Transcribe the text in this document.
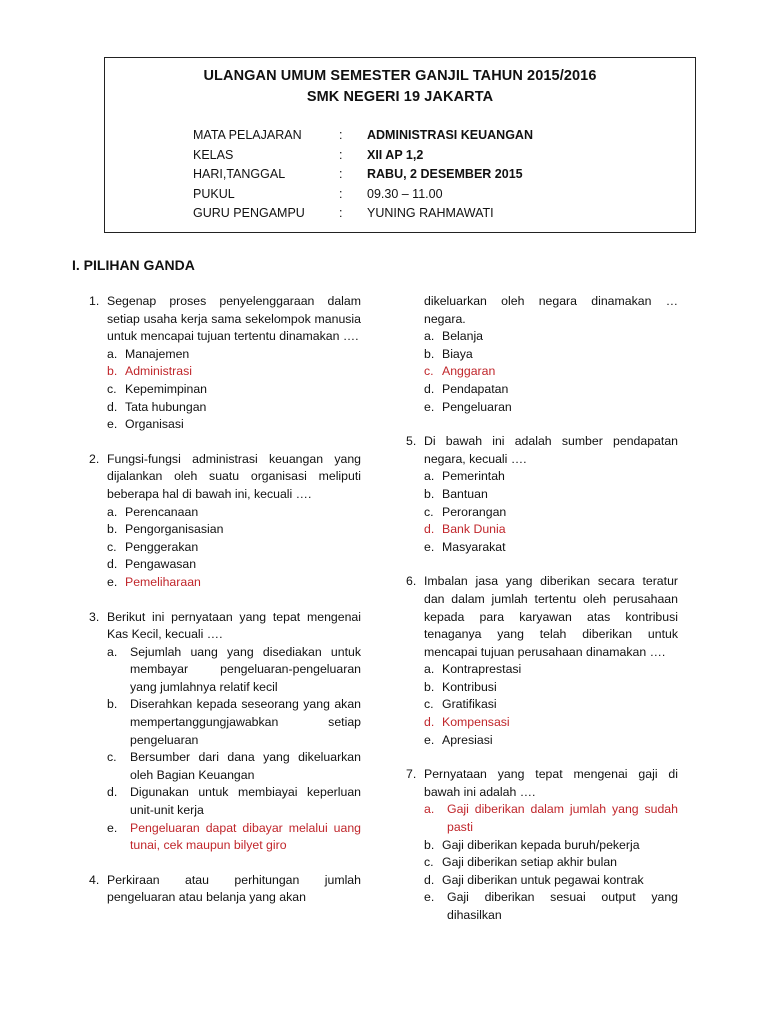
ULANGAN UMUM SEMESTER GANJIL TAHUN 2015/2016
SMK NEGERI 19 JAKARTA
MATA PELAJARAN	: ADMINISTRASI KEUANGAN
KELAS	: XII AP 1,2
HARI,TANGGAL	: RABU, 2 DESEMBER 2015
PUKUL	: 09.30 – 11.00
GURU PENGAMPU	: YUNING RAHMAWATI
I. PILIHAN GANDA
1. Segenap proses penyelenggaraan dalam setiap usaha kerja sama sekelompok manusia untuk mencapai tujuan tertentu dinamakan ….
a. Manajemen
b. Administrasi
c. Kepemimpinan
d. Tata hubungan
e. Organisasi
2. Fungsi-fungsi administrasi keuangan yang dijalankan oleh suatu organisasi meliputi beberapa hal di bawah ini, kecuali ….
a. Perencanaan
b. Pengorganisasian
c. Penggerakan
d. Pengawasan
e. Pemeliharaan
3. Berikut ini pernyataan yang tepat mengenai Kas Kecil, kecuali ….
a. Sejumlah uang yang disediakan untuk membayar pengeluaran-pengeluaran yang jumlahnya relatif kecil
b. Diserahkan kepada seseorang yang akan mempertanggungjawabkan setiap pengeluaran
c. Bersumber dari dana yang dikeluarkan oleh Bagian Keuangan
d. Digunakan untuk membiayai keperluan unit-unit kerja
e. Pengeluaran dapat dibayar melalui uang tunai, cek maupun bilyet giro
4. Perkiraan atau perhitungan jumlah pengeluaran atau belanja yang akan
dikeluarkan oleh negara dinamakan … negara.
a. Belanja
b. Biaya
c. Anggaran
d. Pendapatan
e. Pengeluaran
5. Di bawah ini adalah sumber pendapatan negara, kecuali ….
a. Pemerintah
b. Bantuan
c. Perorangan
d. Bank Dunia
e. Masyarakat
6. Imbalan jasa yang diberikan secara teratur dan dalam jumlah tertentu oleh perusahaan kepada para karyawan atas kontribusi tenaganya yang telah diberikan untuk mencapai tujuan perusahaan dinamakan ….
a. Kontraprestasi
b. Kontribusi
c. Gratifikasi
d. Kompensasi
e. Apresiasi
7. Pernyataan yang tepat mengenai gaji di bawah ini adalah ….
a. Gaji diberikan dalam jumlah yang sudah pasti
b. Gaji diberikan kepada buruh/pekerja
c. Gaji diberikan setiap akhir bulan
d. Gaji diberikan untuk pegawai kontrak
e. Gaji diberikan sesuai output yang dihasilkan
